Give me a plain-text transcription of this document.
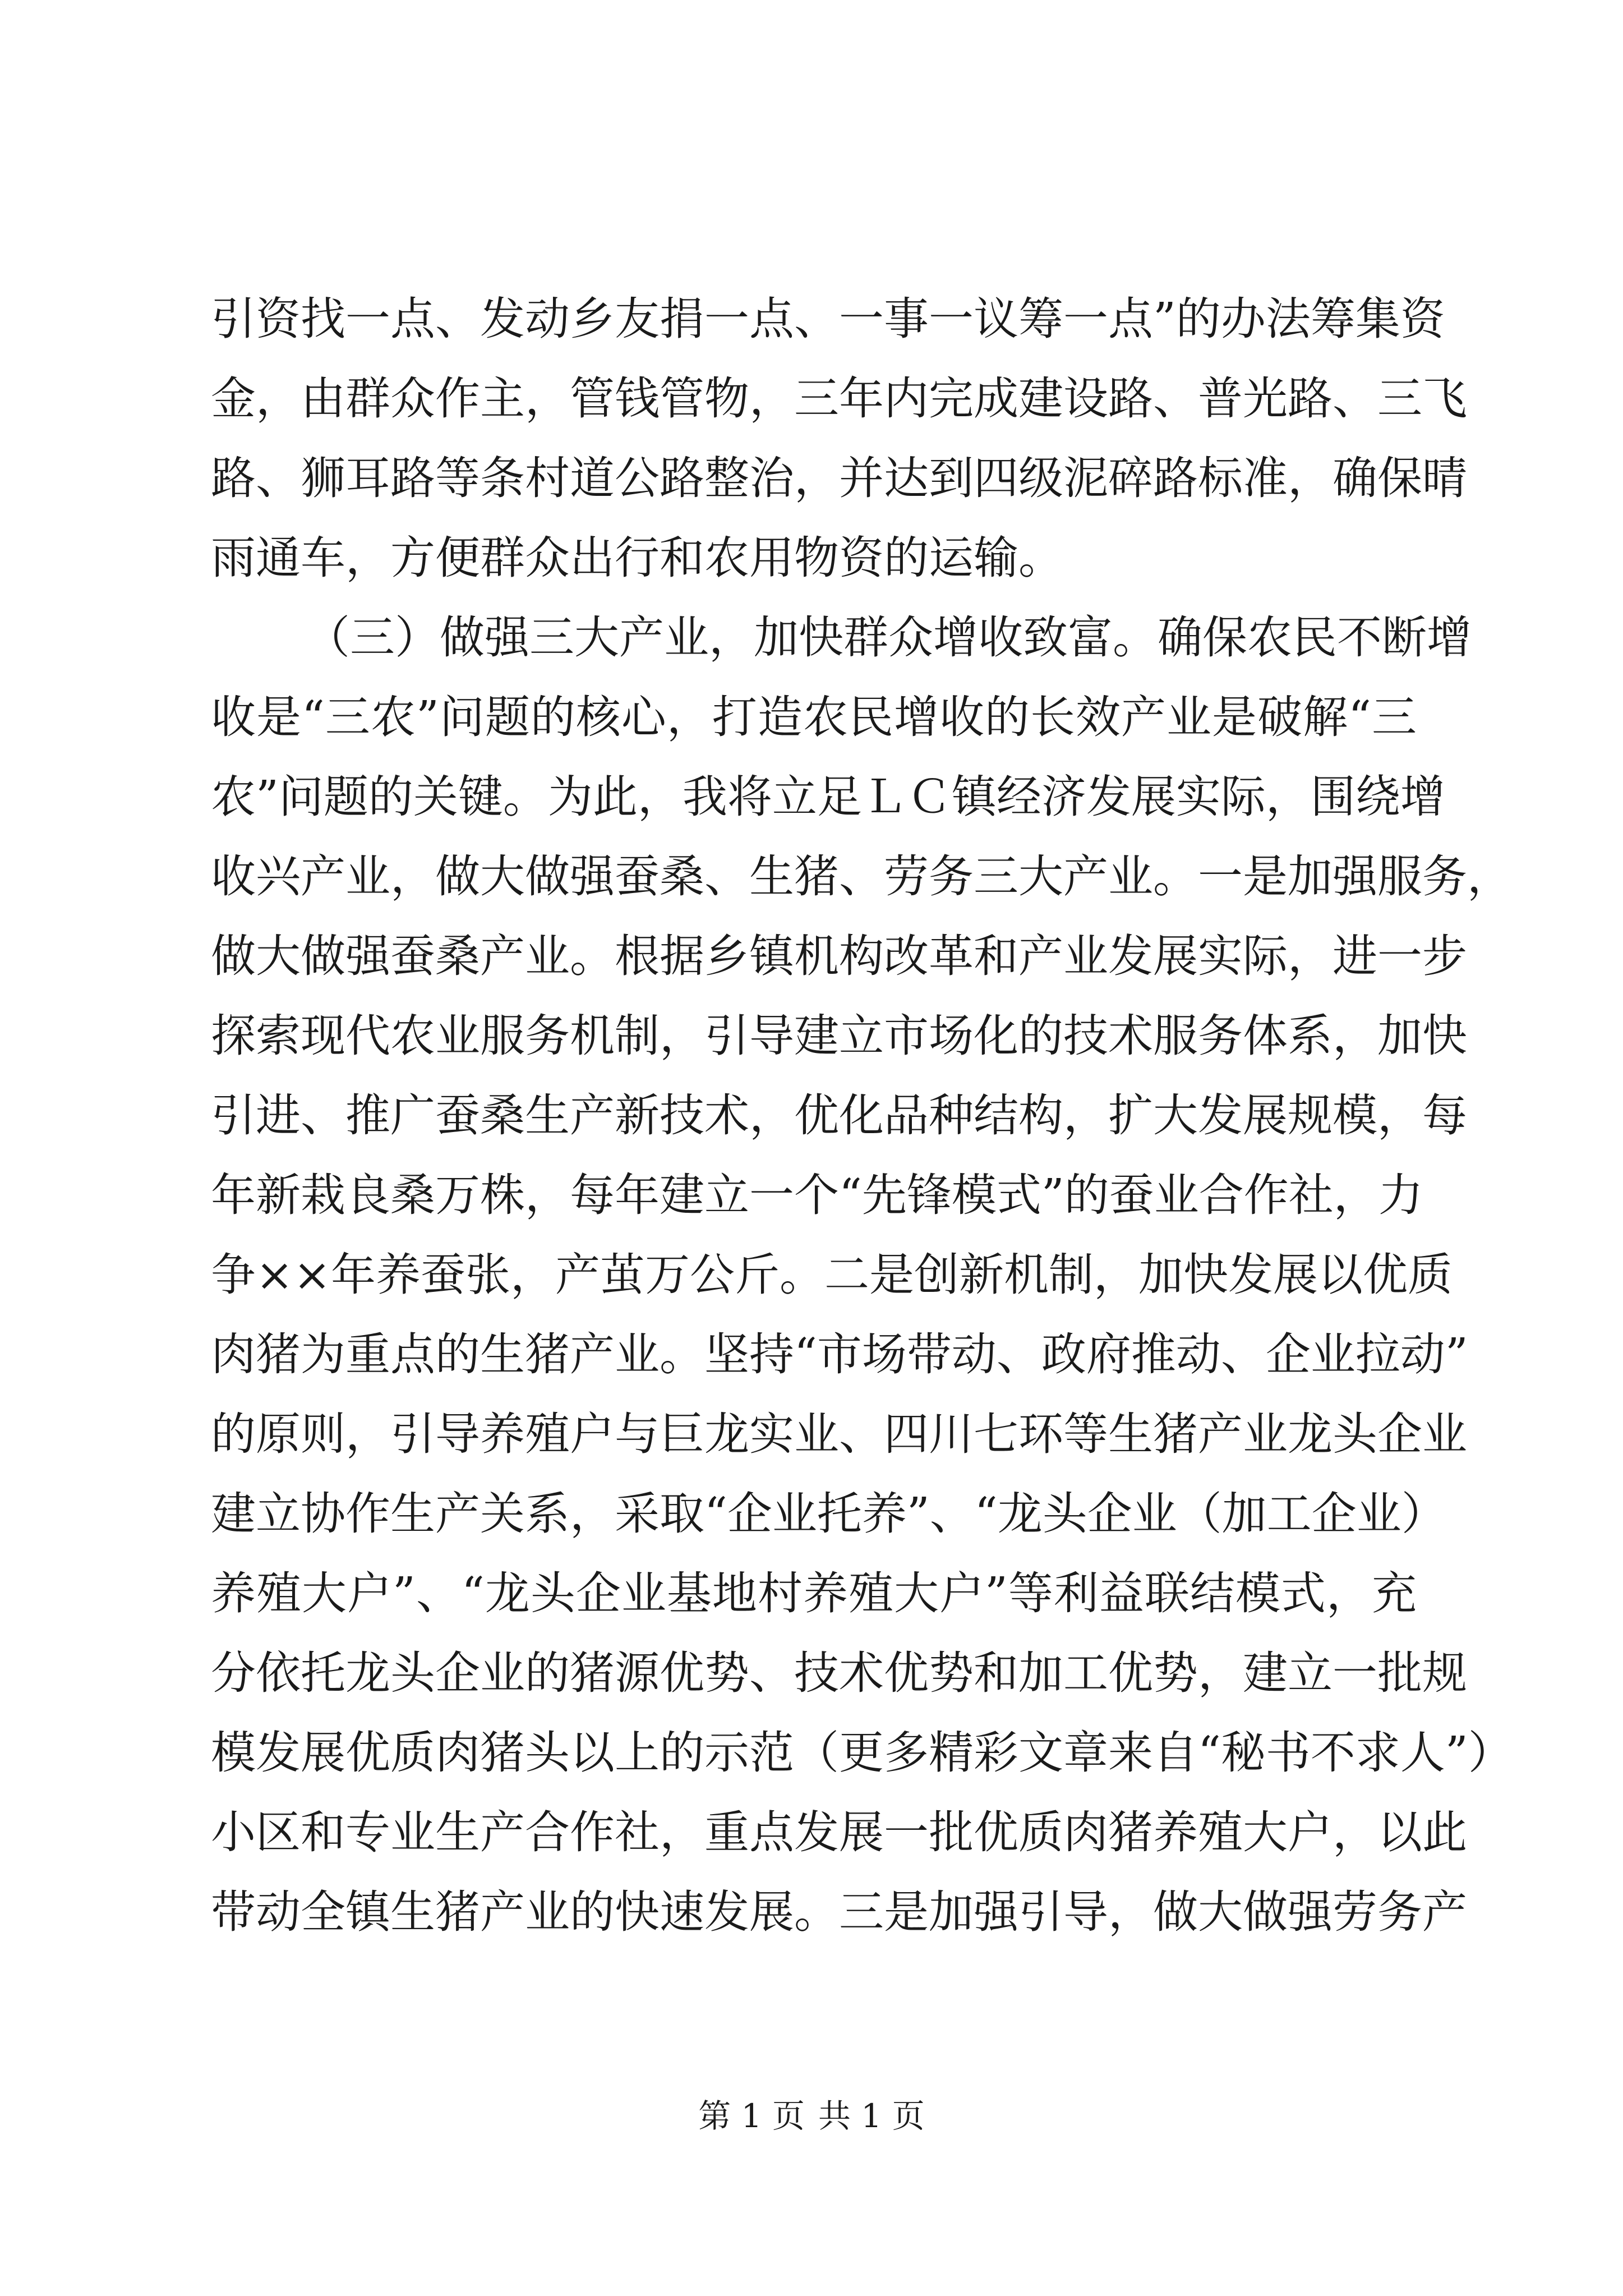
引资找一点、发动乡友捐一点、一事一议筹一点”的办法筹集资
金，由群众作主，管钱管物，三年内完成建设路、普光路、三飞
路、狮耳路等条村道公路整治，并达到四级泥碎路标准，确保晴
雨通车，方便群众出行和农用物资的运输。
（三）做强三大产业，加快群众增收致富。确保农民不断增
收是“三农”问题的核心，打造农民增收的长效产业是破解“三
农”问题的关键。为此，我将立足ＬＣ镇经济发展实际，围绕增
收兴产业，做大做强蚕桑、生猪、劳务三大产业。一是加强服务，
做大做强蚕桑产业。根据乡镇机构改革和产业发展实际，进一步
探索现代农业服务机制，引导建立市场化的技术服务体系，加快
引进、推广蚕桑生产新技术，优化品种结构，扩大发展规模，每
年新栽良桑万株，每年建立一个“先锋模式”的蚕业合作社，力
争××年养蚕张，产茧万公斤。二是创新机制，加快发展以优质
肉猪为重点的生猪产业。坚持“市场带动、政府推动、企业拉动”
的原则，引导养殖户与巨龙实业、四川七环等生猪产业龙头企业
建立协作生产关系，采取“企业托养”、“龙头企业（加工企业）
养殖大户”、“龙头企业基地村养殖大户”等利益联结模式，充
分依托龙头企业的猪源优势、技术优势和加工优势，建立一批规
模发展优质肉猪头以上的示范（更多精彩文章来自“秘书不求人”）
小区和专业生产合作社，重点发展一批优质肉猪养殖大户，以此
带动全镇生猪产业的快速发展。三是加强引导，做大做强劳务产
第 1 页 共 1 页
